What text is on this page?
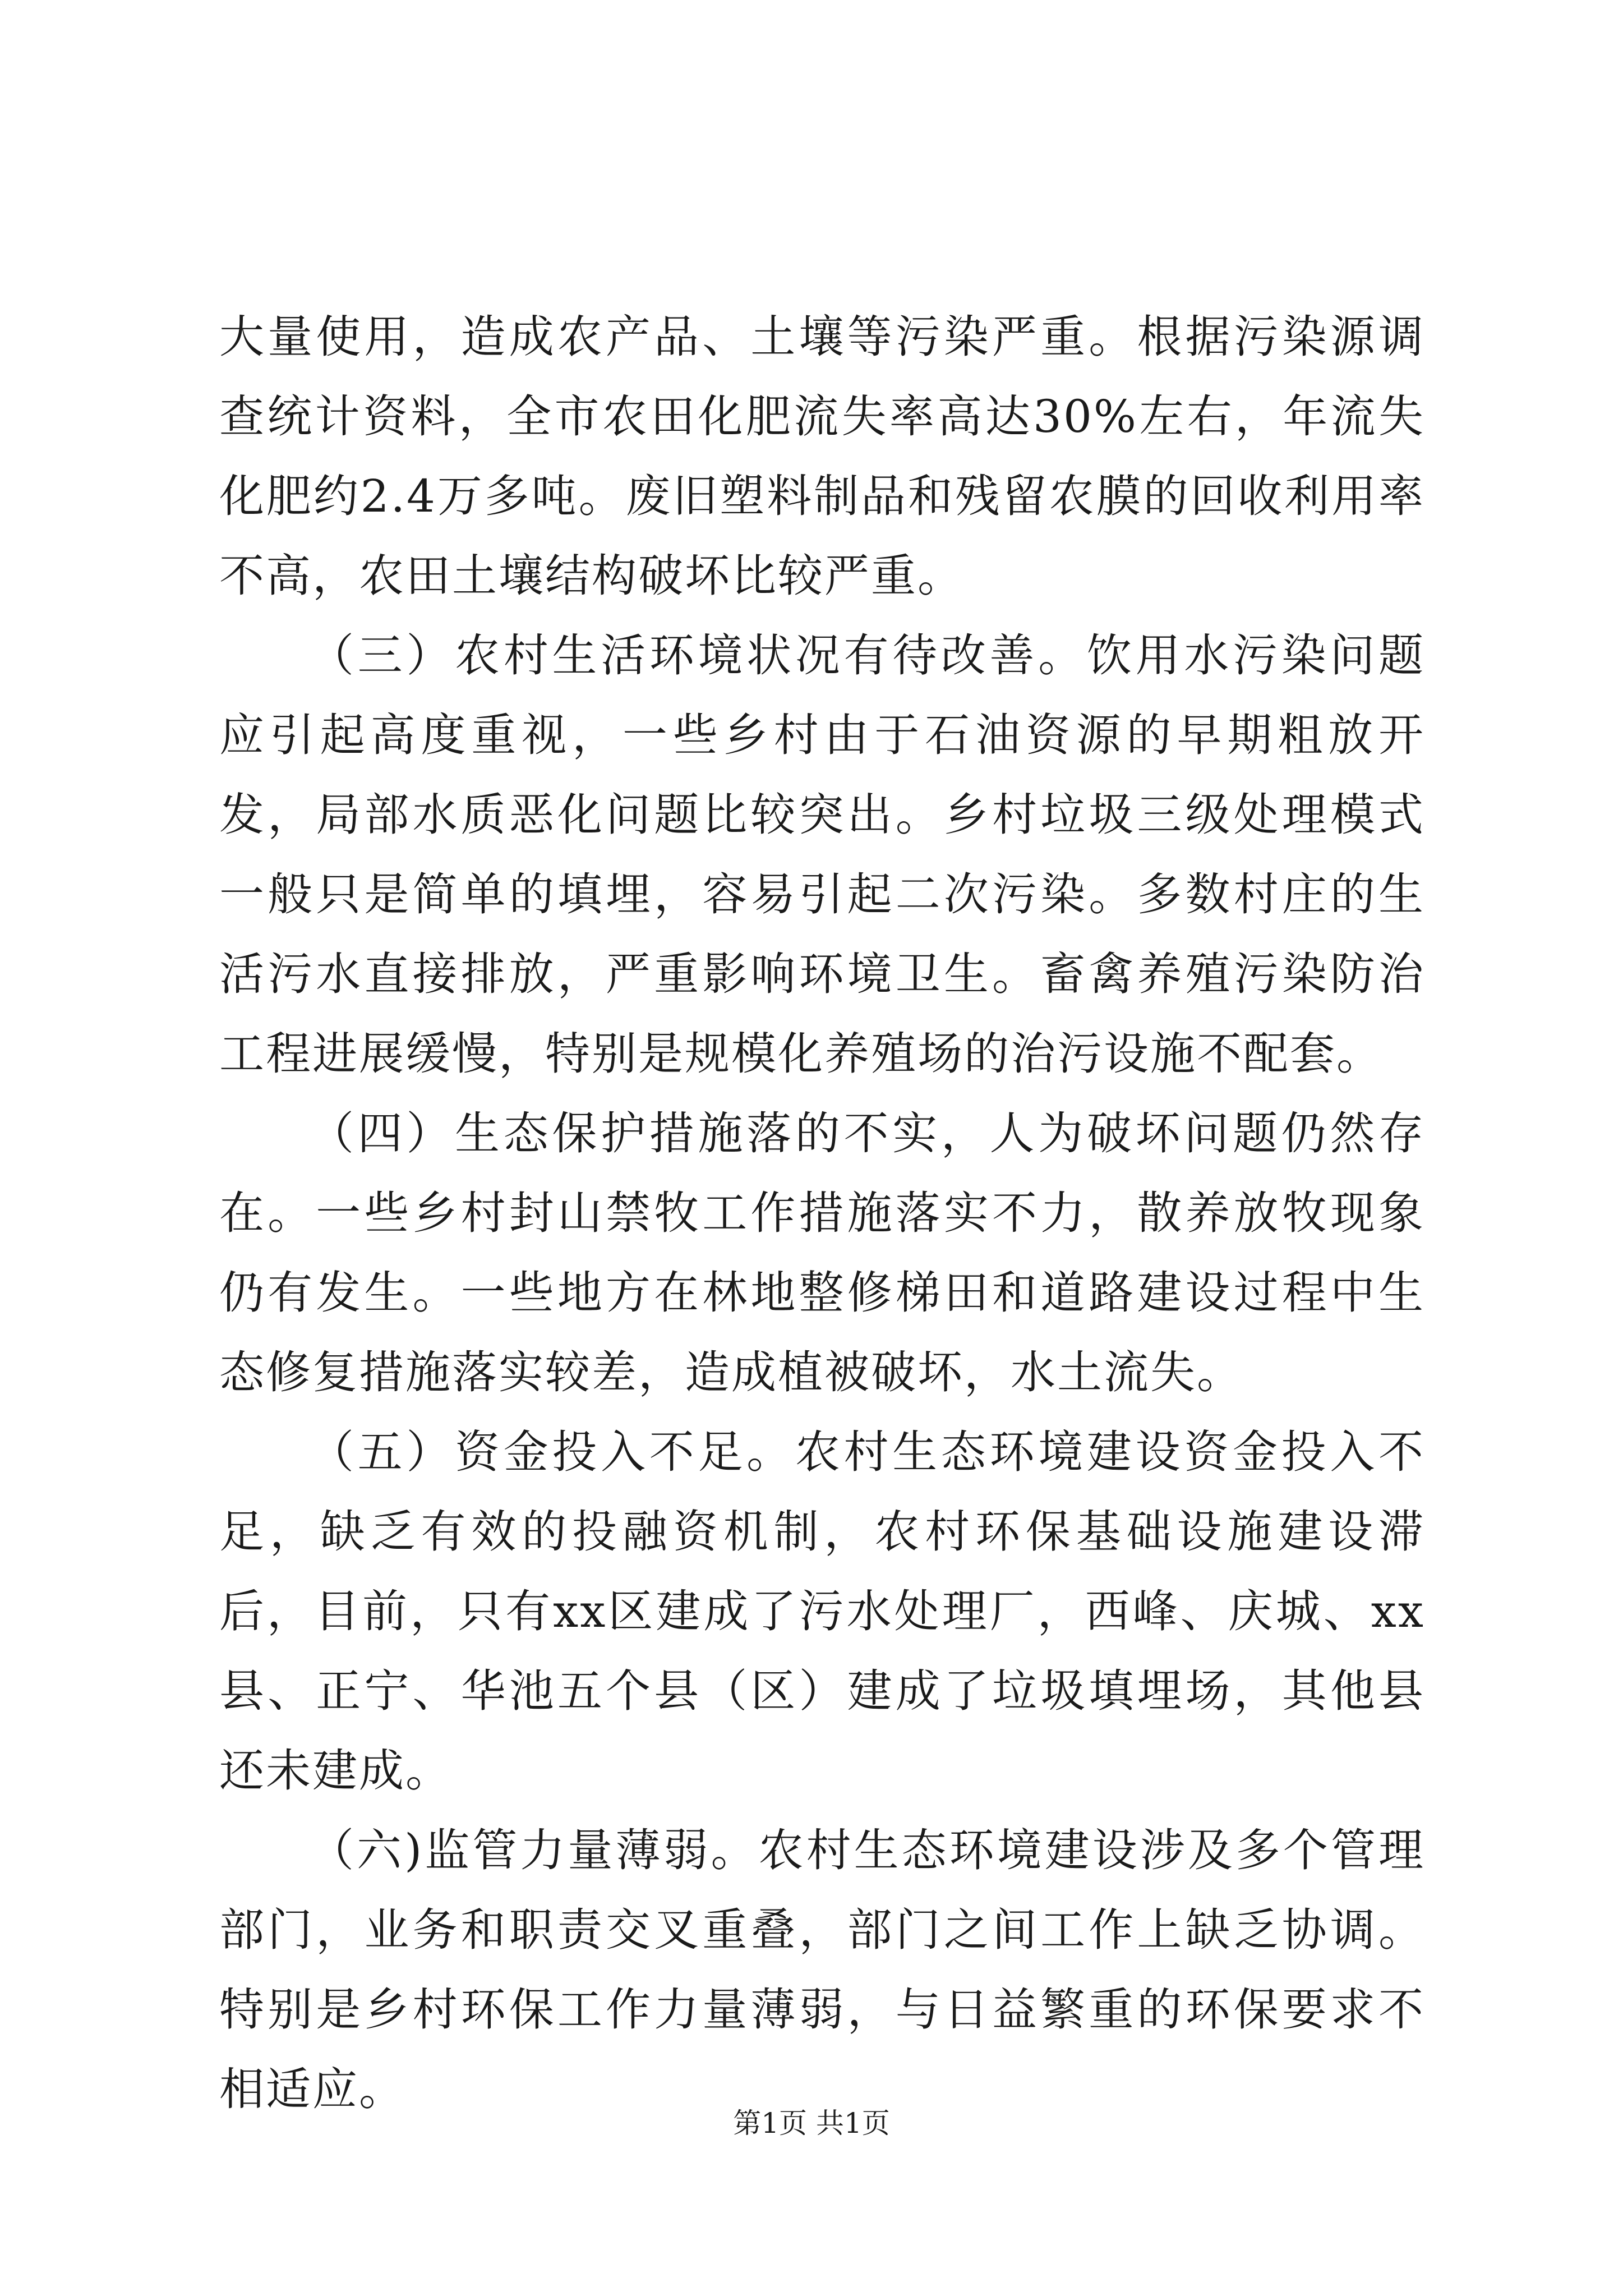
大量使用，造成农产品、土壤等污染严重。根据污染源调查统计资料，全市农田化肥流失率高达30%左右，年流失化肥约2.4万多吨。废旧塑料制品和残留农膜的回收利用率不高，农田土壤结构破坏比较严重。

（三）农村生活环境状况有待改善。饮用水污染问题应引起高度重视，一些乡村由于石油资源的早期粗放开发，局部水质恶化问题比较突出。乡村垃圾三级处理模式一般只是简单的填埋，容易引起二次污染。多数村庄的生活污水直接排放，严重影响环境卫生。畜禽养殖污染防治工程进展缓慢，特别是规模化养殖场的治污设施不配套。

（四）生态保护措施落的不实，人为破坏问题仍然存在。一些乡村封山禁牧工作措施落实不力，散养放牧现象仍有发生。一些地方在林地整修梯田和道路建设过程中生态修复措施落实较差，造成植被破坏，水土流失。

（五）资金投入不足。农村生态环境建设资金投入不足，缺乏有效的投融资机制，农村环保基础设施建设滞后，目前，只有xx区建成了污水处理厂，西峰、庆城、xx县、正宁、华池五个县（区）建成了垃圾填埋场，其他县还未建成。

（六)监管力量薄弱。农村生态环境建设涉及多个管理部门，业务和职责交叉重叠，部门之间工作上缺乏协调。特别是乡村环保工作力量薄弱，与日益繁重的环保要求不相适应。

第1页 共1页
